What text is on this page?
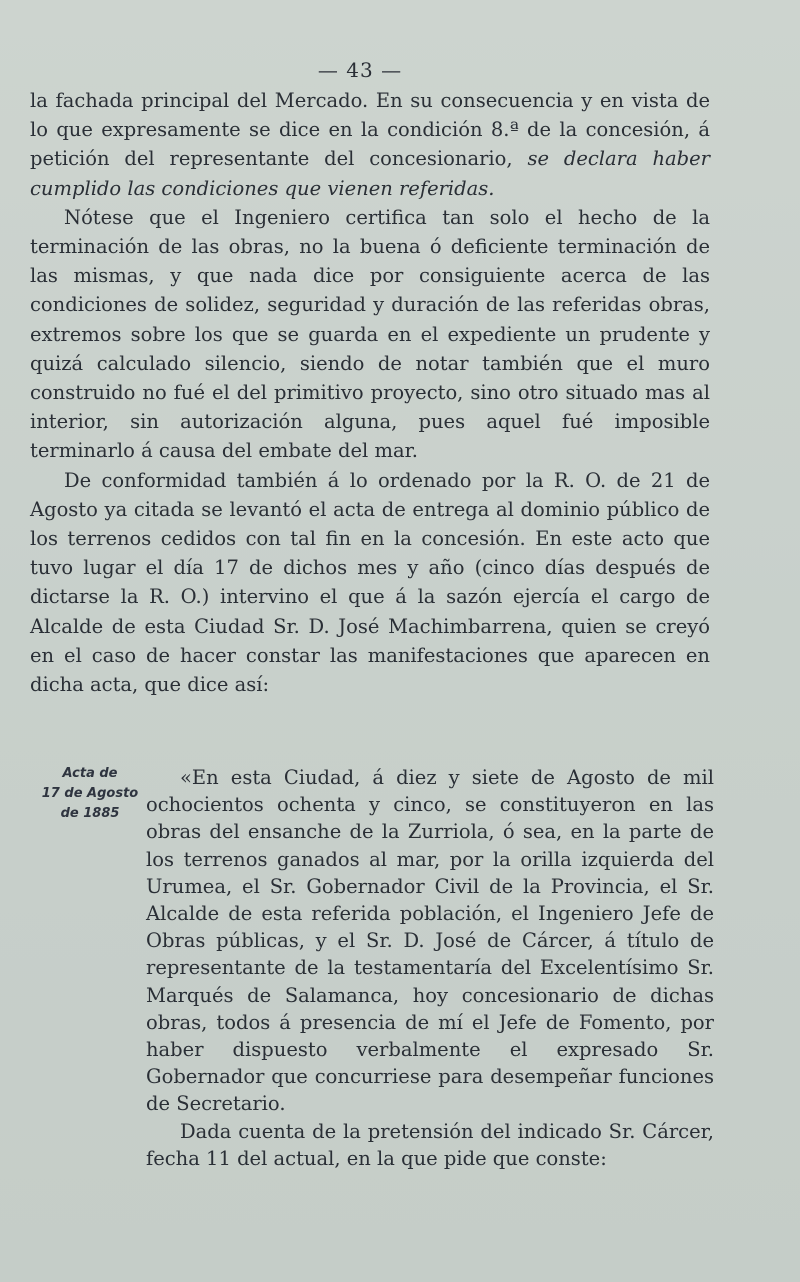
— 43 —

la fachada principal del Mercado. En su consecuencia y en vista de lo que expresamente se dice en la condición 8.ª de la concesión, á petición del representante del concesionario, se declara haber cumplido las condiciones que vienen referidas.

Nótese que el Ingeniero certifica tan solo el hecho de la terminación de las obras, no la buena ó deficiente terminación de las mismas, y que nada dice por consiguiente acerca de las condiciones de solidez, seguridad y duración de las referidas obras, extremos sobre los que se guarda en el expediente un prudente y quizá calculado silencio, siendo de notar también que el muro construido no fué el del primitivo proyecto, sino otro situado mas al interior, sin autorización alguna, pues aquel fué imposible terminarlo á causa del embate del mar.

De conformidad también á lo ordenado por la R. O. de 21 de Agosto ya citada se levantó el acta de entrega al dominio público de los terrenos cedidos con tal fin en la concesión. En este acto que tuvo lugar el día 17 de dichos mes y año (cinco días después de dictarse la R. O.) intervino el que á la sazón ejercía el cargo de Alcalde de esta Ciudad Sr. D. José Machimbarrena, quien se creyó en el caso de hacer constar las manifestaciones que aparecen en dicha acta, que dice así:

Acta de
17 de Agosto
de 1885

«En esta Ciudad, á diez y siete de Agosto de mil ochocientos ochenta y cinco, se constituyeron en las obras del ensanche de la Zurriola, ó sea, en la parte de los terrenos ganados al mar, por la orilla izquierda del Urumea, el Sr. Gobernador Civil de la Provincia, el Sr. Alcalde de esta referida población, el Ingeniero Jefe de Obras públicas, y el Sr. D. José de Cárcer, á título de representante de la testamentaría del Excelentísimo Sr. Marqués de Salamanca, hoy concesionario de dichas obras, todos á presencia de mí el Jefe de Fomento, por haber dispuesto verbalmente el expresado Sr. Gobernador que concurriese para desempeñar funciones de Secretario.

Dada cuenta de la pretensión del indicado Sr. Cárcer, fecha 11 del actual, en la que pide que conste:
